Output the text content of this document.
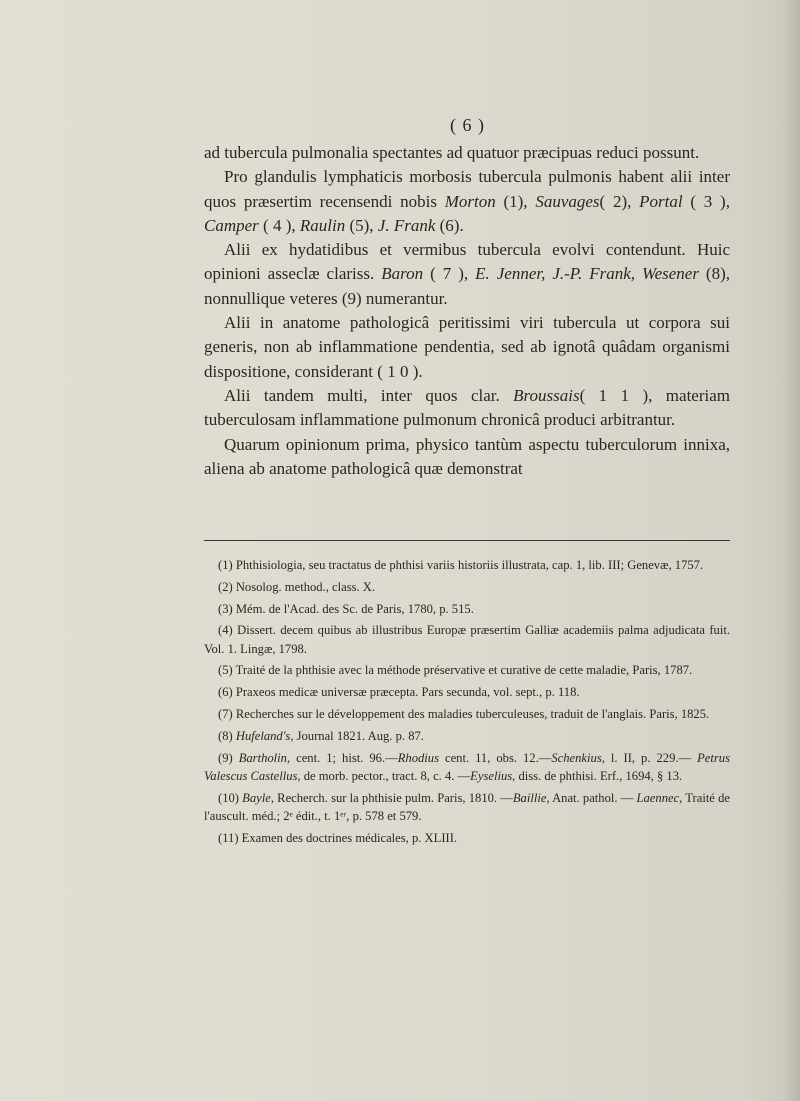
( 6 )

ad tubercula pulmonalia spectantes ad quatuor præcipuas reduci possunt.

Pro glandulis lymphaticis morbosis tubercula pulmonis habent alii inter quos præsertim recensendi nobis Morton (1), Sauvages( 2), Portal ( 3 ), Camper ( 4 ), Raulin (5), J. Frank (6).

Alii ex hydatidibus et vermibus tubercula evolvi contendunt. Huic opinioni asseclæ clariss. Baron ( 7 ), E. Jenner, J.-P. Frank, Wesener (8), nonnullique veteres (9) numerantur.

Alii in anatome pathologicâ peritissimi viri tubercula ut corpora sui generis, non ab inflammatione pendentia, sed ab ignotâ quâdam organismi dispositione, considerant ( 1 0 ).

Alii tandem multi, inter quos clar. Broussais( 1 1 ), materiam tuberculosam inflammatione pulmonum chronicâ produci arbitrantur.

Quarum opinionum prima, physico tantùm aspectu tuberculorum innixa, aliena ab anatome pathologicâ quæ demonstrat

(1) Phthisiologia, seu tractatus de phthisi variis historiis illustrata, cap. 1, lib. III; Genevæ, 1757.

(2) Nosolog. method., class. X.

(3) Mém. de l'Acad. des Sc. de Paris, 1780, p. 515.

(4) Dissert. decem quibus ab illustribus Europæ præsertim Galliæ academiis palma adjudicata fuit. Vol. 1. Lingæ, 1798.

(5) Traité de la phthisie avec la méthode préservative et curative de cette maladie, Paris, 1787.

(6) Praxeos medicæ universæ præcepta. Pars secunda, vol. sept., p. 118.

(7) Recherches sur le développement des maladies tuberculeuses, traduit de l'anglais. Paris, 1825.

(8) Hufeland's, Journal 1821. Aug. p. 87.

(9) Bartholin, cent. 1; hist. 96.—Rhodius cent. 11, obs. 12.—Schenkius, l. II, p. 229.— Petrus Valescus Castellus, de morb. pector., tract. 8, c. 4. —Eyselius, diss. de phthisi. Erf., 1694, § 13.

(10) Bayle, Recherch. sur la phthisie pulm. Paris, 1810. —Baillie, Anat. pathol. — Laennec, Traité de l'auscult. méd.; 2ᵉ édit., t. 1ᵉʳ, p. 578 et 579.

(11) Examen des doctrines médicales, p. XLIII.
